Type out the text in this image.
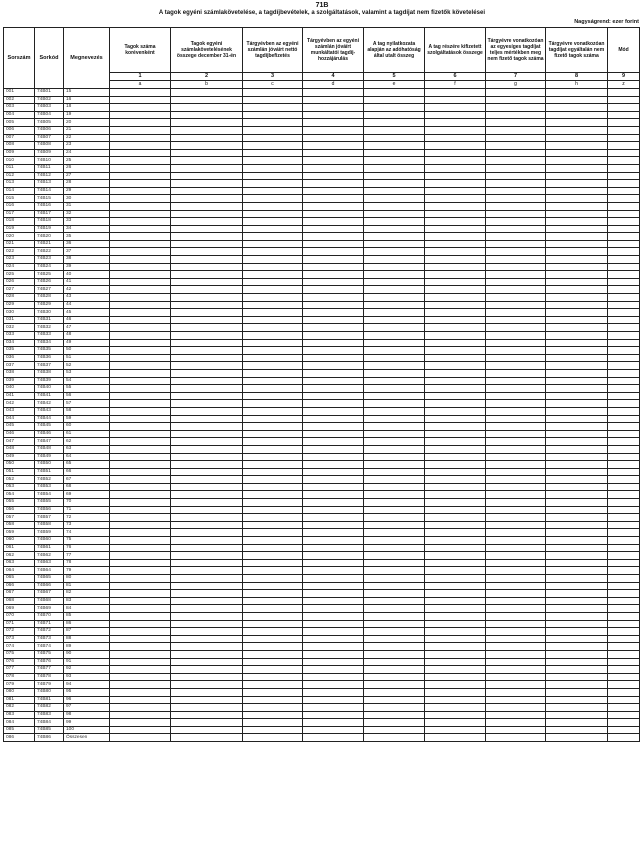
71B
A tagok egyéni számlakövetelése, a tagdíjbevételek, a szolgáltatások, valamint a tagdíjat nem fizetők követelései
Nagyságrend: ezer forint
Sorszám	Sorkód	Megnevezés	Tagok száma korévenként	Tagok egyéni számlakövetelésének összege december 31-én	Tárgyévben az egyéni számlán jóváírt nettó tagdíjbefizetés	Tárgyévben az egyéni számlán jóváírt munkáltatói tagdíj-hozzájárulás	A tag nyilatkozata alapján az adóhatóság által utalt összeg	A tag részére kifizetett szolgáltatások összege	Tárgyévre vonatkozóan az egyesíges tagdíjat teljes mértékben meg nem fizető tagok száma	Tárgyévre vonatkozóan tagdíjat egyáltalán nem fizető tagok száma	Mód
			1	2	3	4	5	6	7	8	9
			a	b	c	d	e	f	g	h	z
001	74B01	15									
002	74B02	16									
003	74B03	18									
004	74B04	19									
005	74B05	20									
006	74B06	21									
007	74B07	22									
008	74B08	23									
009	74B09	24									
010	74B10	25									
011	74B11	26									
012	74B12	27									
013	74B13	28									
014	74B14	29									
015	74B15	30									
016	74B16	31									
017	74B17	32									
018	74B18	33									
019	74B19	34									
020	74B20	35									
021	74B21	36									
022	74B22	37									
023	74B23	38									
024	74B24	39									
025	74B25	40									
026	74B26	41									
027	74B27	42									
028	74B28	43									
029	74B29	44									
030	74B30	45									
031	74B31	46									
032	74B32	47									
033	74B33	48									
034	74B34	49									
035	74B35	50									
036	74B36	51									
037	74B37	52									
038	74B38	53									
039	74B39	54									
040	74B40	55									
041	74B41	56									
042	74B42	57									
043	74B43	58									
044	74B44	59									
045	74B45	60									
046	74B46	61									
047	74B47	62									
048	74B48	63									
049	74B49	64									
050	74B50	65									
051	74B51	66									
052	74B52	67									
053	74B53	68									
054	74B54	69									
055	74B55	70									
056	74B56	71									
057	74B57	72									
058	74B58	73									
059	74B59	74									
060	74B60	75									
061	74B61	76									
062	74B62	77									
063	74B63	78									
064	74B64	79									
065	74B65	80									
066	74B66	81									
067	74B67	82									
068	74B68	83									
069	74B69	84									
070	74B70	85									
071	74B71	86									
072	74B72	87									
073	74B73	88									
074	74B74	89									
075	74B75	90									
076	74B76	91									
077	74B77	92									
078	74B78	93									
079	74B79	94									
080	74B80	95									
081	74B81	96									
082	74B82	97									
083	74B83	98									
084	74B84	99									
085	74B85	100									
086	74B86	Összesen									
